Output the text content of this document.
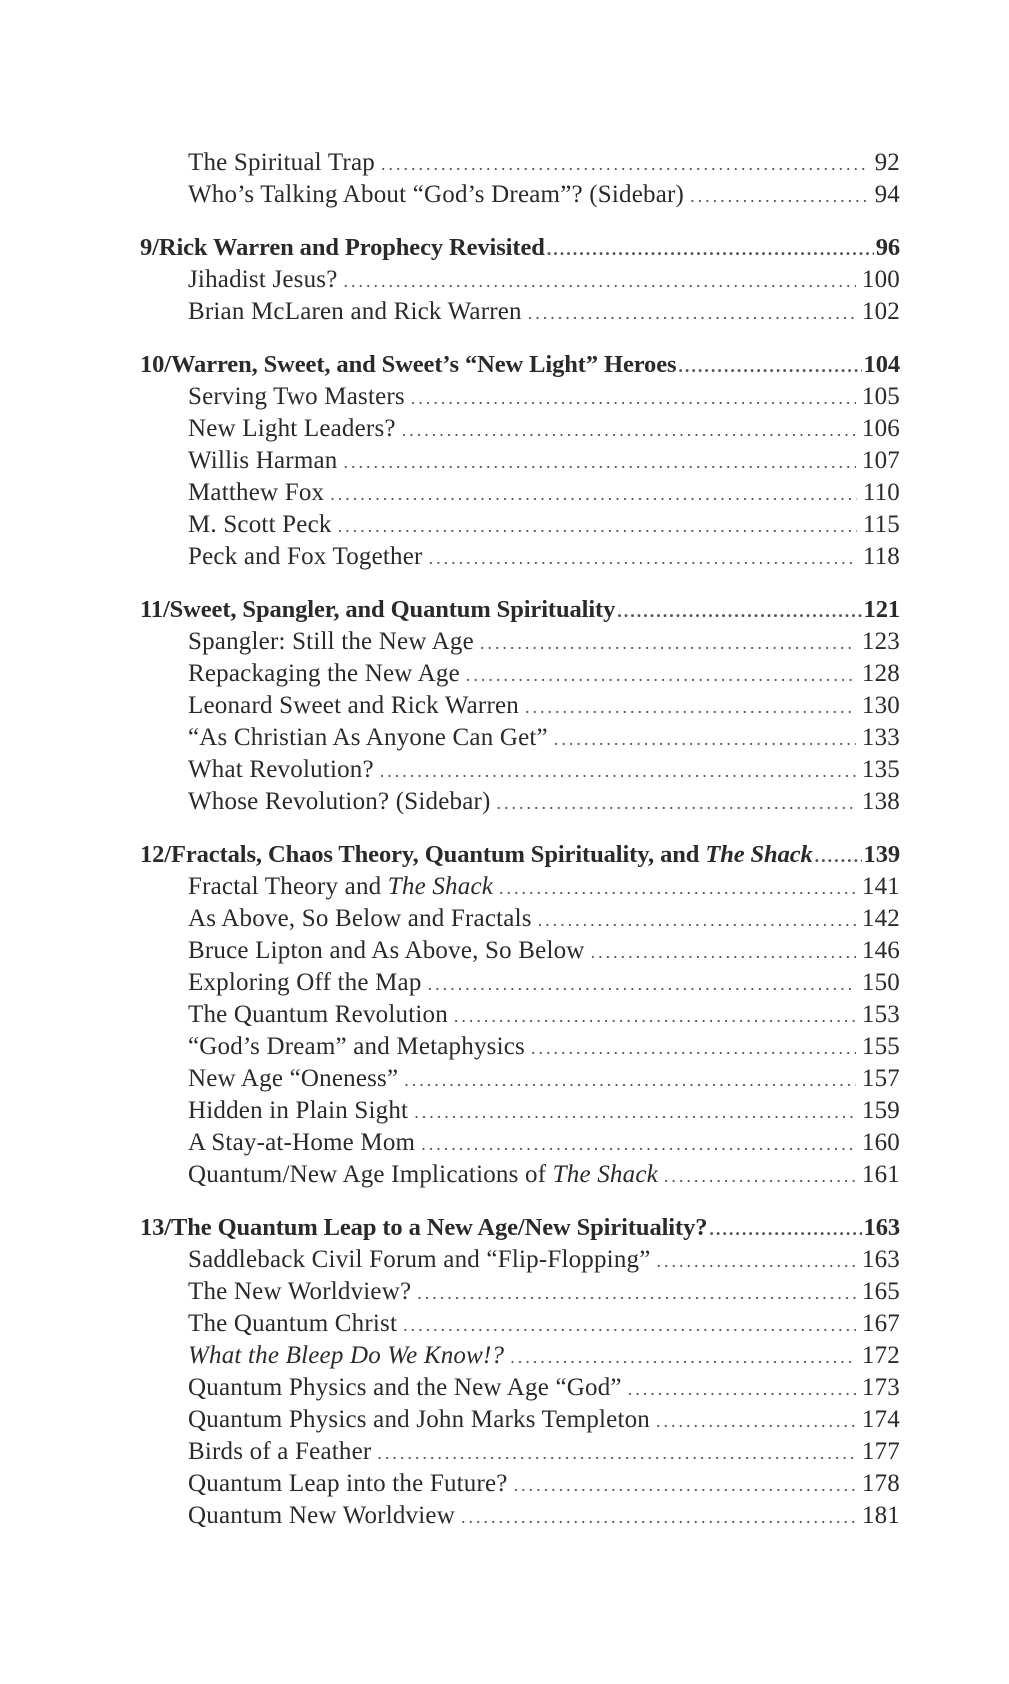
The Spiritual Trap .....	92
Who’s Talking About “God’s Dream”? (Sidebar) .....	94
9/Rick Warren and Prophecy Revisited .....	96
Jihadist Jesus? .....	100
Brian McLaren and Rick Warren .....	102
10/Warren, Sweet, and Sweet’s “New Light” Heroes .....	104
Serving Two Masters .....	105
New Light Leaders? .....	106
Willis Harman .....	107
Matthew Fox .....	110
M. Scott Peck .....	115
Peck and Fox Together .....	118
11/Sweet, Spangler, and Quantum Spirituality .....	121
Spangler: Still the New Age .....	123
Repackaging the New Age .....	128
Leonard Sweet and Rick Warren .....	130
“As Christian As Anyone Can Get” .....	133
What Revolution? .....	135
Whose Revolution? (Sidebar) .....	138
12/Fractals, Chaos Theory, Quantum Spirituality, and The Shack ..... 139
Fractal Theory and The Shack .....	141
As Above, So Below and Fractals .....	142
Bruce Lipton and As Above, So Below .....	146
Exploring Off the Map .....	150
The Quantum Revolution .....	153
“God’s Dream” and Metaphysics .....	155
New Age “Oneness” .....	157
Hidden in Plain Sight .....	159
A Stay-at-Home Mom .....	160
Quantum/New Age Implications of The Shack .....	161
13/The Quantum Leap to a New Age/New Spirituality? .....	163
Saddleback Civil Forum and “Flip-Flopping” .....	163
The New Worldview? .....	165
The Quantum Christ .....	167
What the Bleep Do We Know!? .....	172
Quantum Physics and the New Age “God” .....	173
Quantum Physics and John Marks Templeton .....	174
Birds of a Feather .....	177
Quantum Leap into the Future? .....	178
Quantum New Worldview .....	181
